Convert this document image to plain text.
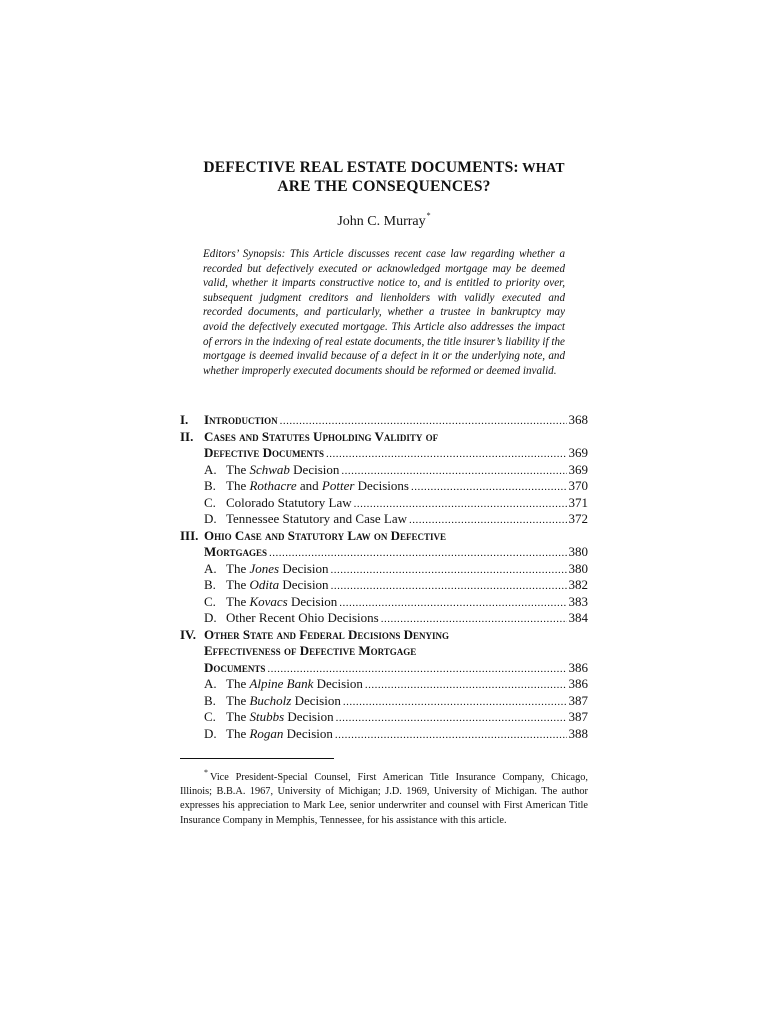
DEFECTIVE REAL ESTATE DOCUMENTS: WHAT
ARE THE CONSEQUENCES?
John C. Murray*
Editors’ Synopsis: This Article discusses recent case law regarding whether a recorded but defectively executed or acknowledged mortgage may be deemed valid, whether it imparts constructive notice to, and is entitled to priority over, subsequent judgment creditors and lienholders with validly executed and recorded documents, and particularly, whether a trustee in bankruptcy may avoid the defectively executed mortgage. This Article also addresses the impact of errors in the indexing of real estate documents, the title insurer’s liability if the mortgage is deemed invalid because of a defect in it or the underlying note, and whether improperly executed documents should be reformed or deemed invalid.
I.	Introduction .....	368
II. Cases and Statutes Upholding Validity of
Defective Documents .....	369
A. The Schwab Decision .....	369
B. The Rothacre and Potter Decisions .....	370
C. Colorado Statutory Law .....	371
D. Tennessee Statutory and Case Law .....	372
III. Ohio Case and Statutory Law on Defective
Mortgages .....	380
A. The Jones Decision .....	380
B. The Odita Decision .....	382
C. The Kovacs Decision .....	383
D. Other Recent Ohio Decisions .....	384
IV. Other State and Federal Decisions Denying
Effectiveness of Defective Mortgage
Documents .....	386
A. The Alpine Bank Decision .....	386
B. The Bucholz Decision .....	387
C. The Stubbs Decision .....	387
D. The Rogan Decision .....	388
* Vice President-Special Counsel, First American Title Insurance Company, Chicago, Illinois; B.B.A. 1967, University of Michigan; J.D. 1969, University of Michigan. The author expresses his appreciation to Mark Lee, senior underwriter and counsel with First American Title Insurance Company in Memphis, Tennessee, for his assistance with this article.
